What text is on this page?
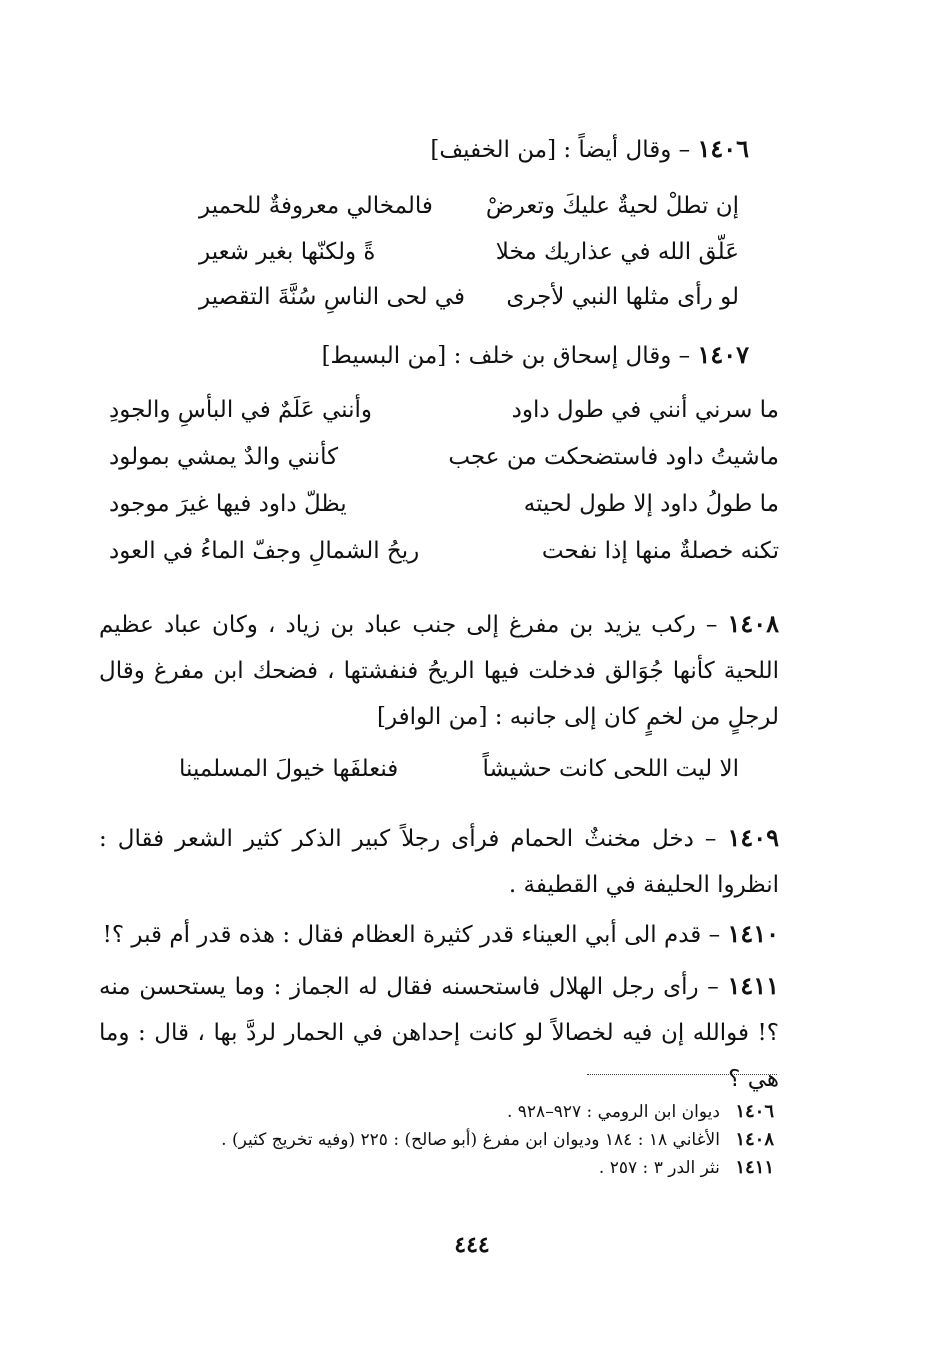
١٤٠٦ – وقال أيضاً : [من الخفيف]
إن تطلْ لحيةٌ عليكَ وتعرضْ
فالمخالي معروفةٌ للحمير
عَلّق الله في عذاريك مخلا
ةً ولكنّها بغير شعير
لو رأى مثلها النبي لأجرى
في لحى الناسِ سُنَّةَ التقصير
١٤٠٧ – وقال إسحاق بن خلف : [من البسيط]
ما سرني أنني في طول داود
وأنني عَلَمٌ في البأسِ والجودِ
ماشيتُ داود فاستضحكت من عجب
كأنني والدٌ يمشي بمولود
ما طولُ داود إلا طول لحيته
يظلّ داود فيها غيرَ موجود
تكنه خصلةٌ منها إذا نفحت
ريحُ الشمالِ وجفّ الماءُ في العود

١٤٠٨ – ركب يزيد بن مفرغ إلى جنب عباد بن زياد ، وكان عباد عظيم اللحية كأنها جُوَالق فدخلت فيها الريحُ فنفشتها ، فضحك ابن مفرغ وقال لرجلٍ من لخمٍ كان إلى جانبه : [من الوافر]

الا ليت اللحى كانت حشيشاً
فنعلفَها خيولَ المسلمينا

١٤٠٩ – دخل مخنثٌ الحمام فرأى رجلاً كبير الذكر كثير الشعر فقال : انظروا الحليفة في القطيفة .

١٤١٠ – قدم الى أبي العيناء قدر كثيرة العظام فقال : هذه قدر أم قبر ؟!

١٤١١ – رأى رجل الهلال فاستحسنه فقال له الجماز : وما يستحسن منه ؟! فوالله إن فيه لخصالاً لو كانت إحداهن في الحمار لردَّ بها ، قال : وما هي ؟

١٤٠٦ ديوان ابن الرومي : ٩٢٧–٩٢٨ .
١٤٠٨ الأغاني ١٨ : ١٨٤ وديوان ابن مفرغ (أبو صالح) : ٢٢٥ (وفيه تخريج كثير) .
١٤١١ نثر الدر ٣ : ٢٥٧ .
٤٤٤
